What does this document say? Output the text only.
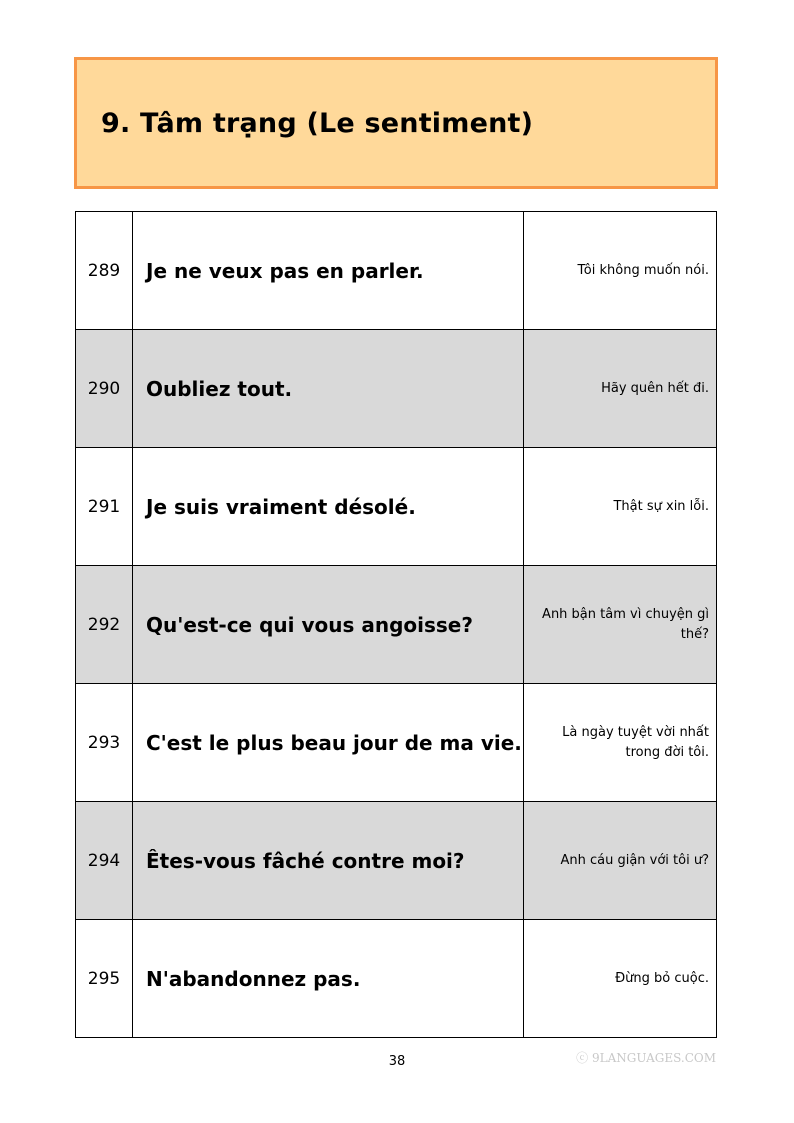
9. Tâm trạng (Le sentiment)
289	Je ne veux pas en parler.	Tôi không muốn nói.
290	Oubliez tout.	Hãy quên hết đi.
291	Je suis vraiment désolé.	Thật sự xin lỗi.
292	Qu'est-ce qui vous angoisse?	Anh bận tâm vì chuyện gì thế?
293	C'est le plus beau jour de ma vie.	Là ngày tuyệt vời nhất trong đời tôi.
294	Êtes-vous fâché contre moi?	Anh cáu giận với tôi ư?
295	N'abandonnez pas.	Đừng bỏ cuộc.
38	ⓒ 9LANGUAGES.COM
